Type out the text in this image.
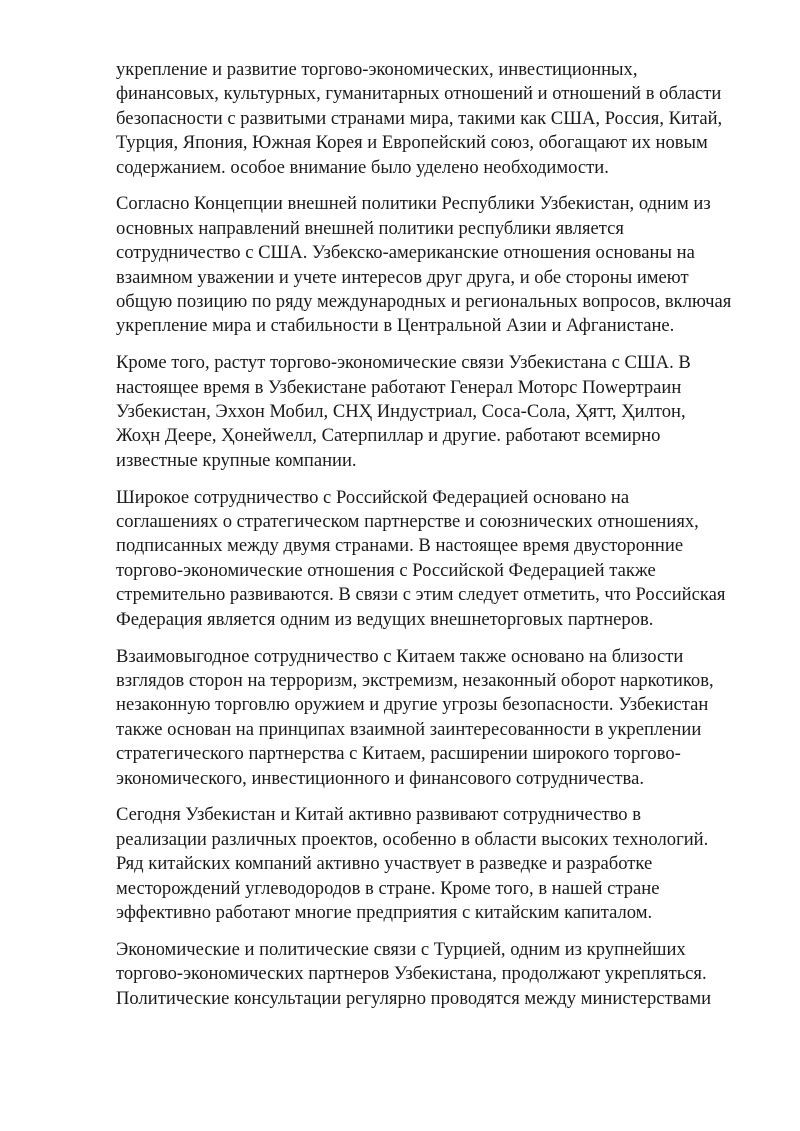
укрепление и развитие торгово-экономических, инвестиционных,
финансовых, культурных, гуманитарных отношений и отношений в области
безопасности с развитыми странами мира, такими как США, Россия, Китай,
Турция, Япония, Южная Корея и Европейский союз, обогащают их новым
содержанием. особое внимание было уделено необходимости.

Согласно Концепции внешней политики Республики Узбекистан, одним из
основных направлений внешней политики республики является
сотрудничество с США. Узбекско-американские отношения основаны на
взаимном уважении и учете интересов друг друга, и обе стороны имеют
общую позицию по ряду международных и региональных вопросов, включая
укрепление мира и стабильности в Центральной Азии и Афганистане.

Кроме того, растут торгово-экономические связи Узбекистана с США. В
настоящее время в Узбекистане работают Генерал Моторс Пowертраин
Узбекистан, Эххон Мобил, СНҲ Индустриал, Соса-Сола, Ҳятт, Ҳилтон,
Жоҳн Деере, Ҳонейwелл, Сатерпиллар и другие. работают всемирно
известные крупные компании.

Широкое сотрудничество с Российской Федерацией основано на
соглашениях о стратегическом партнерстве и союзнических отношениях,
подписанных между двумя странами. В настоящее время двусторонние
торгово-экономические отношения с Российской Федерацией также
стремительно развиваются. В связи с этим следует отметить, что Российская
Федерация является одним из ведущих внешнеторговых партнеров.

Взаимовыгодное сотрудничество с Китаем также основано на близости
взглядов сторон на терроризм, экстремизм, незаконный оборот наркотиков,
незаконную торговлю оружием и другие угрозы безопасности. Узбекистан
также основан на принципах взаимной заинтересованности в укреплении
стратегического партнерства с Китаем, расширении широкого торгово-
экономического, инвестиционного и финансового сотрудничества.

Сегодня Узбекистан и Китай активно развивают сотрудничество в
реализации различных проектов, особенно в области высоких технологий.
Ряд китайских компаний активно участвует в разведке и разработке
месторождений углеводородов в стране. Кроме того, в нашей стране
эффективно работают многие предприятия с китайским капиталом.

Экономические и политические связи с Турцией, одним из крупнейших
торгово-экономических партнеров Узбекистана, продолжают укрепляться.
Политические консультации регулярно проводятся между министерствами
